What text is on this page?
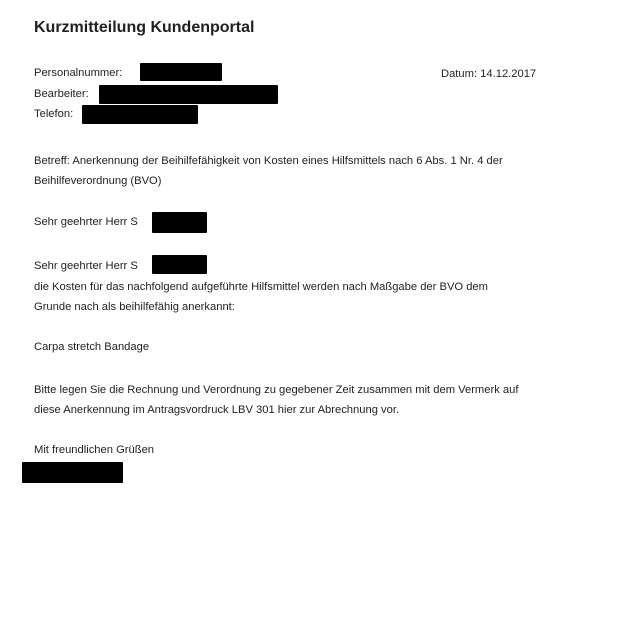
Kurzmitteilung Kundenportal
Datum: 14.12.2017
Personalnummer:
Bearbeiter:
Telefon:
Betreff: Anerkennung der Beihilfefähigkeit von Kosten eines Hilfsmittels nach 6 Abs. 1 Nr. 4 der
Beihilfeverordnung (BVO)
Sehr geehrter Herr S
Sehr geehrter Herr S
die Kosten für das nachfolgend aufgeführte Hilfsmittel werden nach Maßgabe der BVO dem
Grunde nach als beihilfefähig anerkannt:
Carpa stretch Bandage
Bitte legen Sie die Rechnung und Verordnung zu gegebener Zeit zusammen mit dem Vermerk auf
diese Anerkennung im Antragsvordruck LBV 301 hier zur Abrechnung vor.
Mit freundlichen Grüßen
